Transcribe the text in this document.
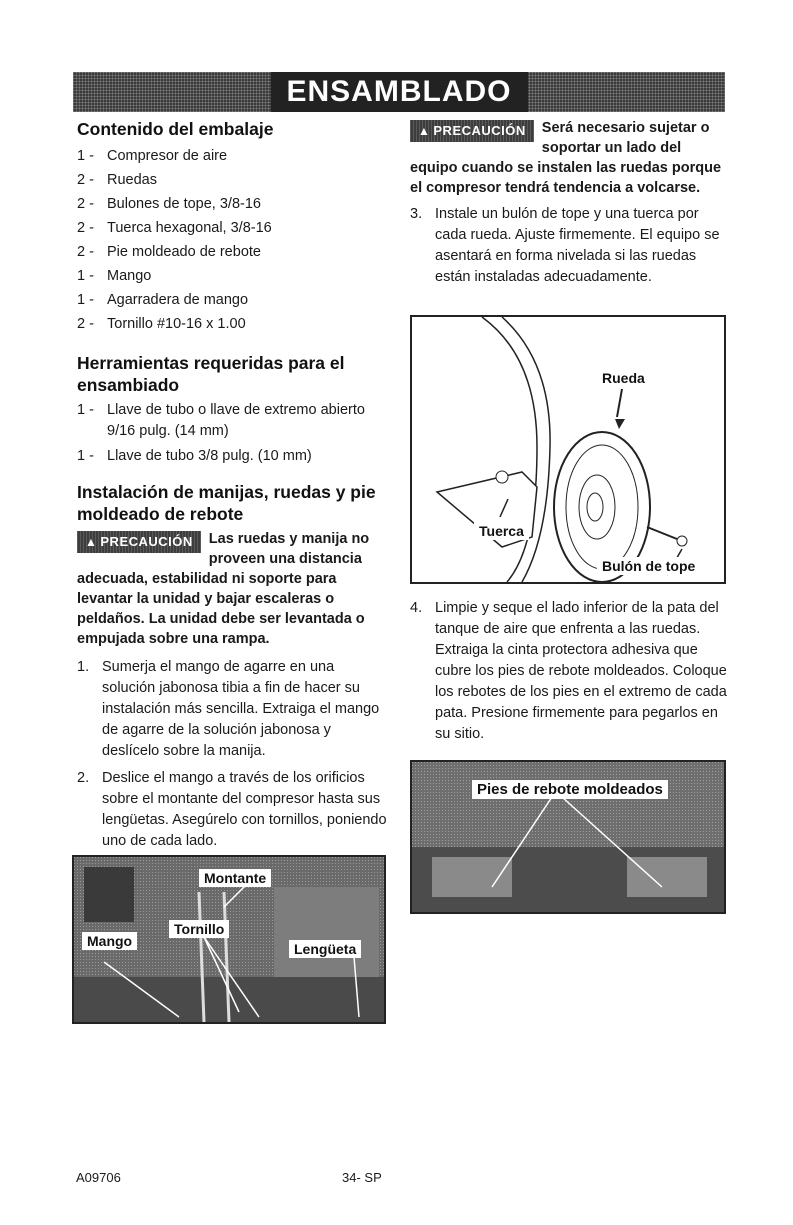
ENSAMBLADO
Contenido del embalaje
1 - Compresor de aire
2 - Ruedas
2 - Bulones de tope, 3/8-16
2 - Tuerca hexagonal, 3/8-16
2 - Pie moldeado de rebote
1 - Mango
1 - Agarradera de mango
2 - Tornillo #10-16 x 1.00
Herramientas requeridas para el ensambiado
1 - Llave de tubo o llave de extremo abierto 9/16 pulg. (14 mm)
1 - Llave de tubo 3/8 pulg. (10 mm)
Instalación de manijas, ruedas y pie moldeado de rebote
▲ PRECAUCIÓN	Las ruedas y manija no proveen una distancia adecuada, estabilidad ni soporte para levantar la unidad y bajar escaleras o peldaños. La unidad debe ser levantada o empujada sobre una rampa.
1. Sumerja el mango de agarre en una solución jabonosa tibia a fin de hacer su instalación más sencilla. Extraiga el mango de agarre de la solución jabonosa y deslícelo sobre la manija.
2. Deslice el mango a través de los orificios sobre el montante del compresor hasta sus lengüetas. Asegúrelo con tornillos, poniendo uno de cada lado.
Montante
Mango
Tornillo
Lengüeta
▲ PRECAUCIÓN	Será necesario sujetar o soportar un lado del equipo cuando se instalen las ruedas porque el compresor tendrá tendencia a volcarse.
3. Instale un bulón de tope y una tuerca por cada rueda. Ajuste firmemente. El equipo se asentará en forma nivelada si las ruedas están instaladas adecuadamente.
Rueda
Tuerca
Bulón de tope
4. Limpie y seque el lado inferior de la pata del tanque de aire que enfrenta a las ruedas. Extraiga la cinta protectora adhesiva que cubre los pies de rebote moldeados. Coloque los rebotes de los pies en el extremo de cada pata. Presione firmemente para pegarlos en su sitio.
Pies de rebote moldeados
A09706	34- SP
